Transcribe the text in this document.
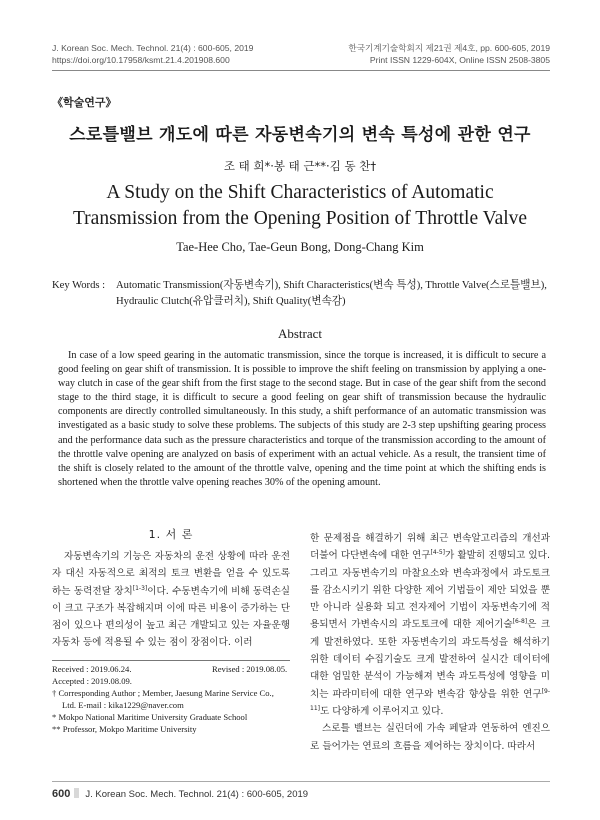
J. Korean Soc. Mech. Technol. 21(4) : 600-605, 2019
https://doi.org/10.17958/ksmt.21.4.201908.600
한국기계기술학회지 제21권 제4호, pp. 600-605, 2019
Print ISSN 1229-604X, Online ISSN 2508-3805
《학술연구》
스로틀밸브 개도에 따른 자동변속기의 변속 특성에 관한 연구
조 태 희*·봉 태 근**·김 동 찬†
A Study on the Shift Characteristics of Automatic
Transmission from the Opening Position of Throttle Valve
Tae-Hee Cho, Tae-Geun Bong, Dong-Chang Kim
Key Words : Automatic Transmission(자동변속기), Shift Characteristics(변속 특성), Throttle Valve(스로틀밸브), Hydraulic Clutch(유압클러치), Shift Quality(변속감)
Abstract

In case of a low speed gearing in the automatic transmission, since the torque is increased, it is difficult to secure a good feeling on gear shift of transmission. It is possible to improve the shift feeling on transmission by applying a one-way clutch in case of the gear shift from the first stage to the second stage. But in case of the gear shift from the second stage to the third stage, it is difficult to secure a good feeling on gear shift of transmission because the hydraulic components are directly controlled simultaneously. In this study, a shift performance of an automatic transmission was investigated as a basic study to solve these problems. The subjects of this study are 2-3 step upshifting gearing process and the performance data such as the pressure characteristics and torque of the transmission according to the amount of the throttle valve opening are analyzed on basis of experiment with an actual vehicle. As a result, the transient time of the shift is closely related to the amount of the throttle valve, opening and the time point at which the shifting ends is shortened when the throttle valve opening reaches 30% of the opening amount.

1. 서 론

자동변속기의 기능은 자동차의 운전 상황에 따라 운전자 대신 자동적으로 최적의 토크 변환을 얻을 수 있도록 하는 동력전달 장치[1-3]이다. 수동변속기에 비해 동력손실이 크고 구조가 복잡해지며 이에 따른 비용이 증가하는 단점이 있으나 편의성이 높고 최근 개발되고 있는 자율운행 자동차 등에 적용될 수 있는 점이 장점이다. 이러

한 문제점을 해결하기 위해 최근 변속알고리즘의 개선과 더불어 다단변속에 대한 연구[4-5]가 활발히 진행되고 있다. 그리고 자동변속기의 마찰요소와 변속과정에서 과도토크를 감소시키기 위한 다양한 제어 기법들이 제안 되었을 뿐만 아니라 실용화 되고 전자제어 기법이 자동변속기에 적용되면서 가변속시의 과도토크에 대한 제어기술[6-8]은 크게 발전하였다. 또한 자동변속기의 과도특성을 해석하기 위한 데이터 수집기술도 크게 발전하여 실시간 데이터에 대한 엄밀한 분석이 가능해져 변속 과도특성에 영향을 미치는 파라미터에 대한 연구와 변속감 향상을 위한 연구[9-11]도 다양하게 이루어지고 있다.

스로틀 밸브는 실린더에 가속 페달과 연동하여 엔진으로 들어가는 연료의 흐름을 제어하는 장치이다. 따라서

Received : 2019.06.24.	Revised : 2019.08.05.
Accepted : 2019.08.09.
† Corresponding Author ; Member, Jaesung Marine Service Co.,
Ltd. E-mail : kika1229@naver.com
* Mokpo National Maritime University Graduate School
** Professor, Mokpo Maritime University
600 J. Korean Soc. Mech. Technol. 21(4) : 600-605, 2019
